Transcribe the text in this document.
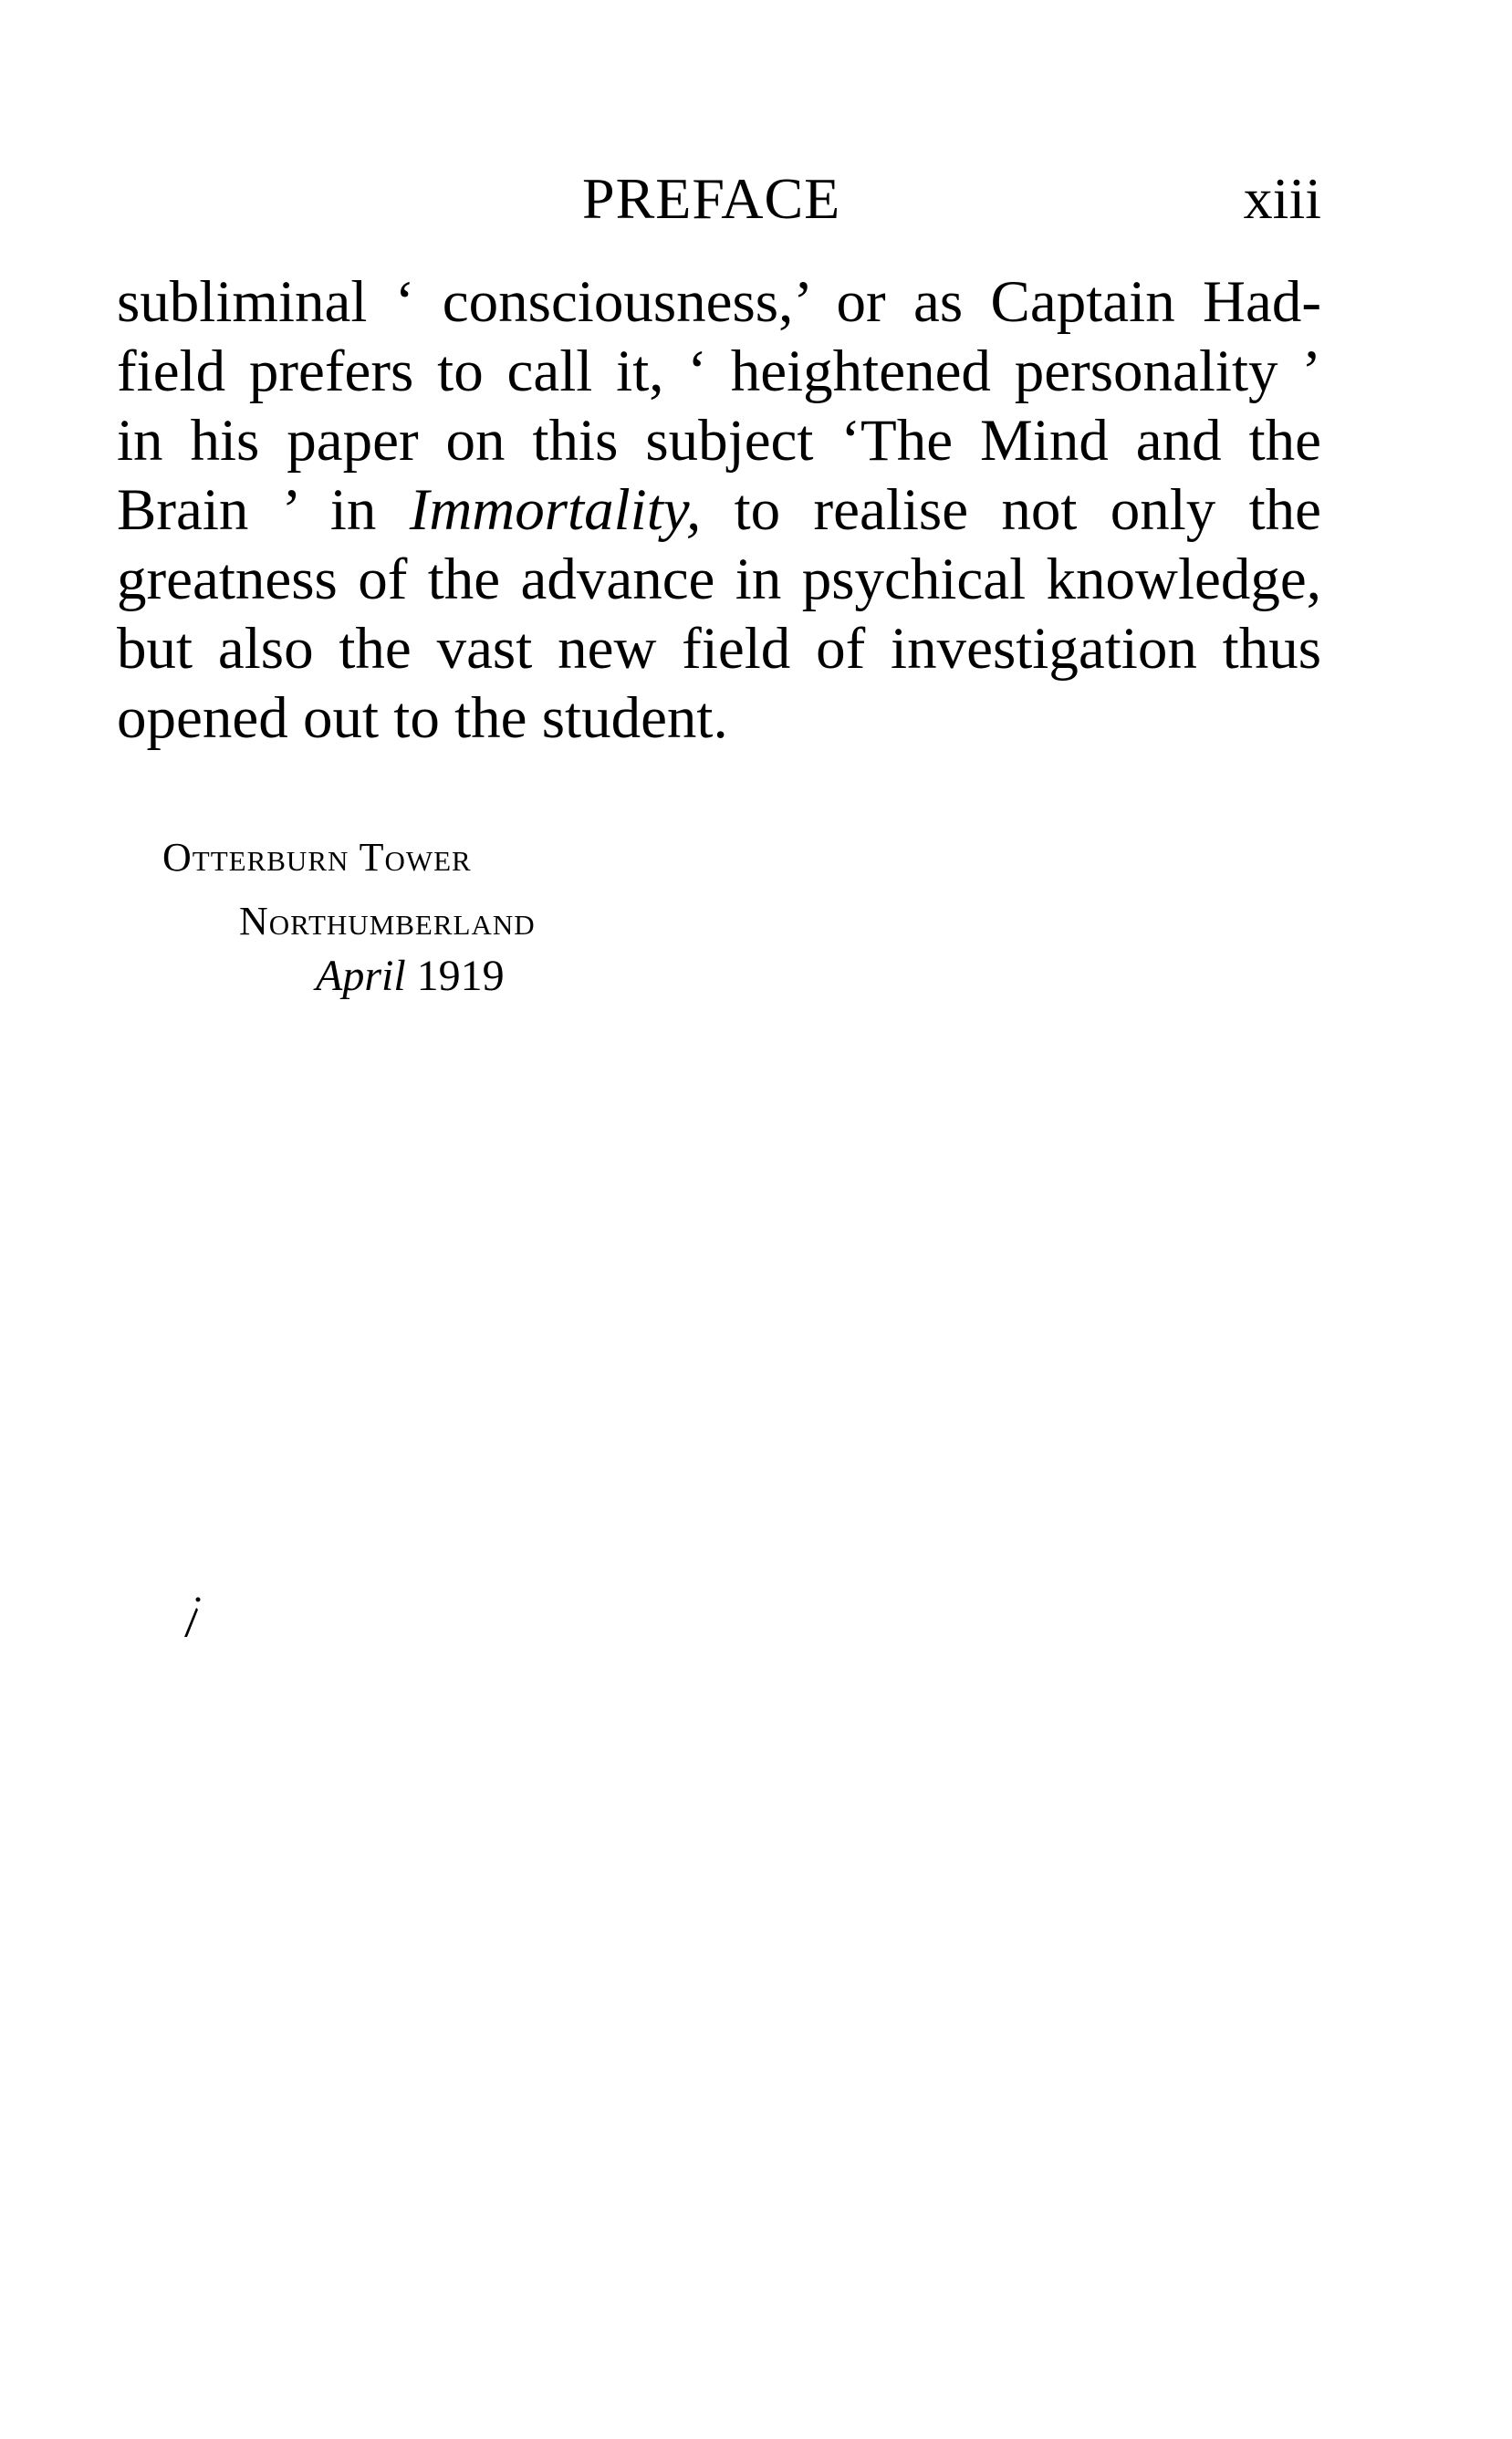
PREFACE	xiii
subliminal ‘ consciousness,’ or as Captain Had-
field prefers to call it, ‘ heightened personality ’
in his paper on this subject ‘The Mind and the
Brain ’ in Immortality, to realise not only the
greatness of the advance in psychical knowledge,
but also the vast new field of investigation thus
opened out to the student.
Otterburn Tower
Northumberland
April 1919
